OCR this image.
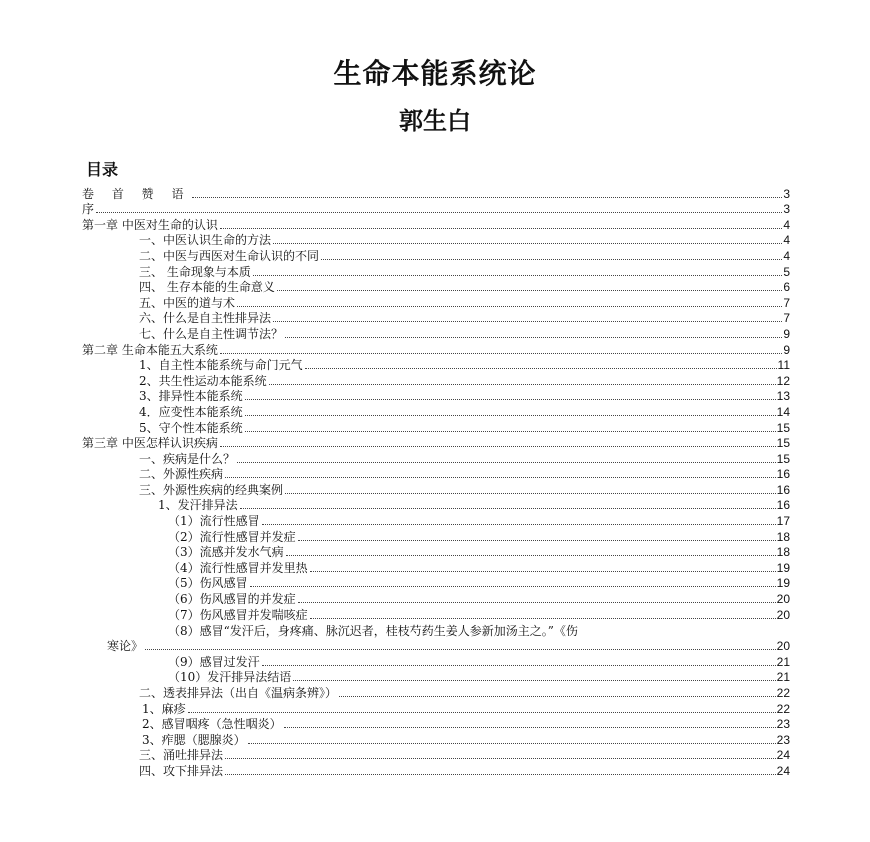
生命本能系统论
郭生白
目录
卷 首 赞 语	3
序	3
第一章 中医对生命的认识	4
一、中医认识生命的方法	4
二、中医与西医对生命认识的不同	4
三、 生命现象与本质	5
四、 生存本能的生命意义	6
五、中医的道与术	7
六、什么是自主性排异法	7
七、什么是自主性调节法？	9
第二章 生命本能五大系统	9
1、自主性本能系统与命门元气	11
2、共生性运动本能系统	12
3、排异性本能系统	13
4．应变性本能系统	14
5、守个性本能系统	15
第三章 中医怎样认识疾病	15
一、疾病是什么？	15
二、外源性疾病	16
三、外源性疾病的经典案例	16
1、发汗排异法	16
（1）流行性感冒	17
（2）流行性感冒并发症	18
（3）流感并发水气病	18
（4）流行性感冒并发里热	19
（5）伤风感冒	19
（6）伤风感冒的并发症	20
（7）伤风感冒并发喘咳症	20
（8）感冒“发汗后，身疼痛、脉沉迟者，桂枝芍药生姜人参新加汤主之。”《伤
寒论》	20
（9）感冒过发汗	21
（10）发汗排异法结语	21
二、透表排异法（出自《温病条辨》）	22
1、麻疹	22
2、感冒咽疼（急性咽炎）	23
3、痄腮（腮腺炎）	23
三、涌吐排异法	24
四、攻下排异法	24
